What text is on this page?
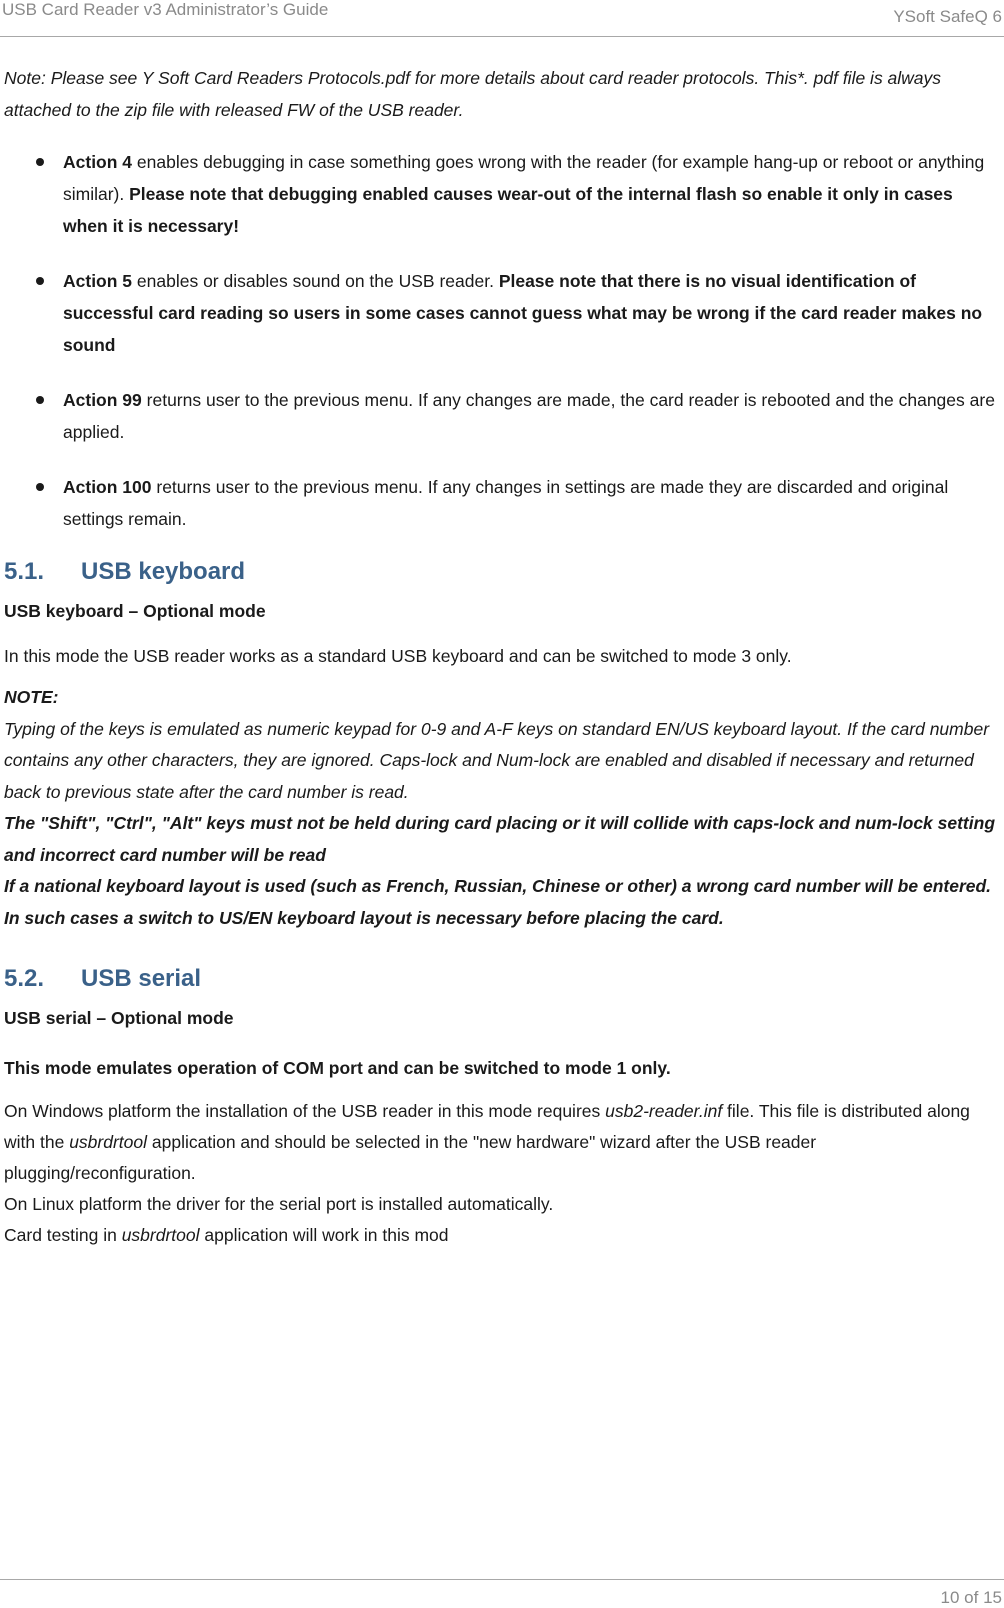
USB Card Reader v3 Administrator’s Guide	YSoft SafeQ 6

Note: Please see Y Soft Card Readers Protocols.pdf for more details about card reader protocols. This*. pdf file is always attached to the zip file with released FW of the USB reader.

Action 4 enables debugging in case something goes wrong with the reader (for example hang-up or reboot or anything similar). Please note that debugging enabled causes wear-out of the internal flash so enable it only in cases when it is necessary!
Action 5 enables or disables sound on the USB reader. Please note that there is no visual identification of successful card reading so users in some cases cannot guess what may be wrong if the card reader makes no sound
Action 99 returns user to the previous menu. If any changes are made, the card reader is rebooted and the changes are applied.
Action 100 returns user to the previous menu. If any changes in settings are made they are discarded and original settings remain.
5.1. USB keyboard

USB keyboard – Optional mode

In this mode the USB reader works as a standard USB keyboard and can be switched to mode 3 only.

NOTE:

Typing of the keys is emulated as numeric keypad for 0-9 and A-F keys on standard EN/US keyboard layout. If the card number contains any other characters, they are ignored. Caps-lock and Num-lock are enabled and disabled if necessary and returned back to previous state after the card number is read.

The "Shift", "Ctrl", "Alt" keys must not be held during card placing or it will collide with caps-lock and num-lock setting and incorrect card number will be read

If a national keyboard layout is used (such as French, Russian, Chinese or other) a wrong card number will be entered. In such cases a switch to US/EN keyboard layout is necessary before placing the card.

5.2. USB serial

USB serial – Optional mode

This mode emulates operation of COM port and can be switched to mode 1 only.

On Windows platform the installation of the USB reader in this mode requires usb2-reader.inf file. This file is distributed along with the usbrdrtool application and should be selected in the "new hardware" wizard after the USB reader plugging/reconfiguration.

On Linux platform the driver for the serial port is installed automatically.

Card testing in usbrdrtool application will work in this mod

10 of 15
